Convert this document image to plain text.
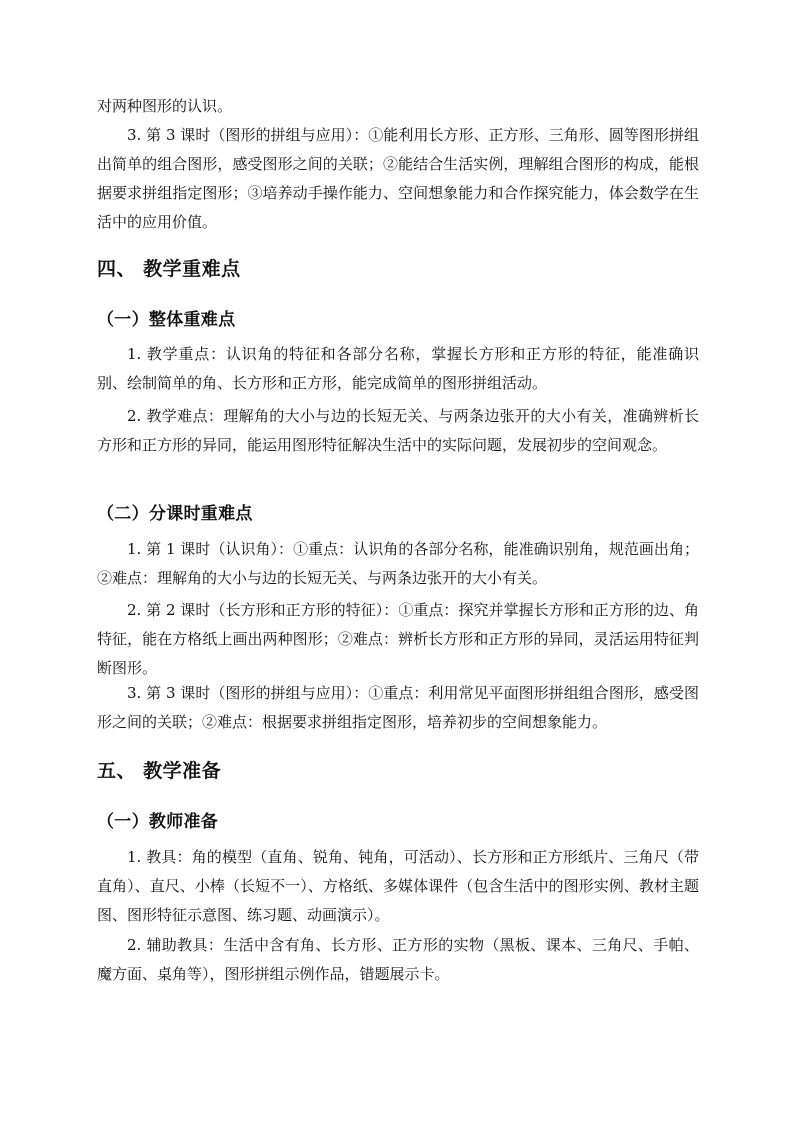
对两种图形的认识。

3. 第 3 课时（图形的拼组与应用）：①能利用长方形、正方形、三角形、圆等图形拼组出简单的组合图形，感受图形之间的关联；②能结合生活实例，理解组合图形的构成，能根据要求拼组指定图形；③培养动手操作能力、空间想象能力和合作探究能力，体会数学在生活中的应用价值。

四、 教学重难点
（一）整体重难点

1. 教学重点：认识角的特征和各部分名称，掌握长方形和正方形的特征，能准确识别、绘制简单的角、长方形和正方形，能完成简单的图形拼组活动。

2. 教学难点：理解角的大小与边的长短无关、与两条边张开的大小有关，准确辨析长方形和正方形的异同，能运用图形特征解决生活中的实际问题，发展初步的空间观念。

（二）分课时重难点

1. 第 1 课时（认识角）：①重点：认识角的各部分名称，能准确识别角，规范画出角；②难点：理解角的大小与边的长短无关、与两条边张开的大小有关。

2. 第 2 课时（长方形和正方形的特征）：①重点：探究并掌握长方形和正方形的边、角特征，能在方格纸上画出两种图形；②难点：辨析长方形和正方形的异同，灵活运用特征判断图形。

3. 第 3 课时（图形的拼组与应用）：①重点：利用常见平面图形拼组组合图形，感受图形之间的关联；②难点：根据要求拼组指定图形，培养初步的空间想象能力。

五、 教学准备
（一）教师准备

1. 教具：角的模型（直角、锐角、钝角，可活动）、长方形和正方形纸片、三角尺（带直角）、直尺、小棒（长短不一）、方格纸、多媒体课件（包含生活中的图形实例、教材主题图、图形特征示意图、练习题、动画演示）。

2. 辅助教具：生活中含有角、长方形、正方形的实物（黑板、课本、三角尺、手帕、魔方面、桌角等），图形拼组示例作品，错题展示卡。
